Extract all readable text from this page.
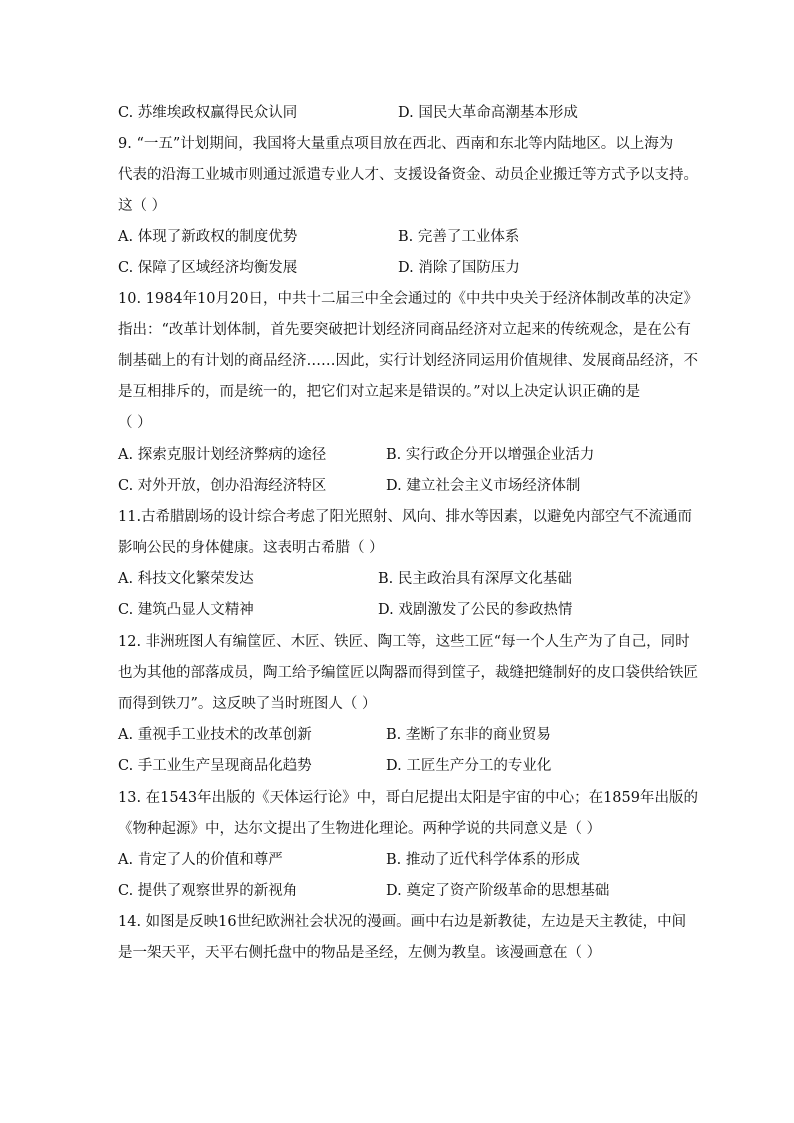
C. 苏维埃政权赢得民众认同	D. 国民大革命高潮基本形成
9. “一五”计划期间，我国将大量重点项目放在西北、西南和东北等内陆地区。以上海为
代表的沿海工业城市则通过派遣专业人才、支援设备资金、动员企业搬迁等方式予以支持。
这（ ）
A. 体现了新政权的制度优势	B. 完善了工业体系
C. 保障了区域经济均衡发展	D. 消除了国防压力
10. 1984年10月20日，中共十二届三中全会通过的《中共中央关于经济体制改革的决定》
指出：“改革计划体制，首先要突破把计划经济同商品经济对立起来的传统观念，是在公有
制基础上的有计划的商品经济……因此，实行计划经济同运用价值规律、发展商品经济，不
是互相排斥的，而是统一的，把它们对立起来是错误的。”对以上决定认识正确的是
（ ）
A. 探索克服计划经济弊病的途径	B. 实行政企分开以增强企业活力
C. 对外开放，创办沿海经济特区	D. 建立社会主义市场经济体制
11.古希腊剧场的设计综合考虑了阳光照射、风向、排水等因素，以避免内部空气不流通而
影响公民的身体健康。这表明古希腊（ ）
A. 科技文化繁荣发达	B. 民主政治具有深厚文化基础
C. 建筑凸显人文精神	D. 戏剧激发了公民的参政热情
12. 非洲班图人有编筐匠、木匠、铁匠、陶工等，这些工匠“每一个人生产为了自己，同时
也为其他的部落成员，陶工给予编筐匠以陶器而得到筐子，裁缝把缝制好的皮口袋供给铁匠
而得到铁刀”。这反映了当时班图人（ ）
A. 重视手工业技术的改革创新	B. 垄断了东非的商业贸易
C. 手工业生产呈现商品化趋势	D. 工匠生产分工的专业化
13. 在1543年出版的《天体运行论》中，哥白尼提出太阳是宇宙的中心；在1859年出版的
《物种起源》中，达尔文提出了生物进化理论。两种学说的共同意义是（ ）
A. 肯定了人的价值和尊严	B. 推动了近代科学体系的形成
C. 提供了观察世界的新视角	D. 奠定了资产阶级革命的思想基础
14. 如图是反映16世纪欧洲社会状况的漫画。画中右边是新教徒，左边是天主教徒，中间
是一架天平，天平右侧托盘中的物品是圣经，左侧为教皇。该漫画意在（ ）
